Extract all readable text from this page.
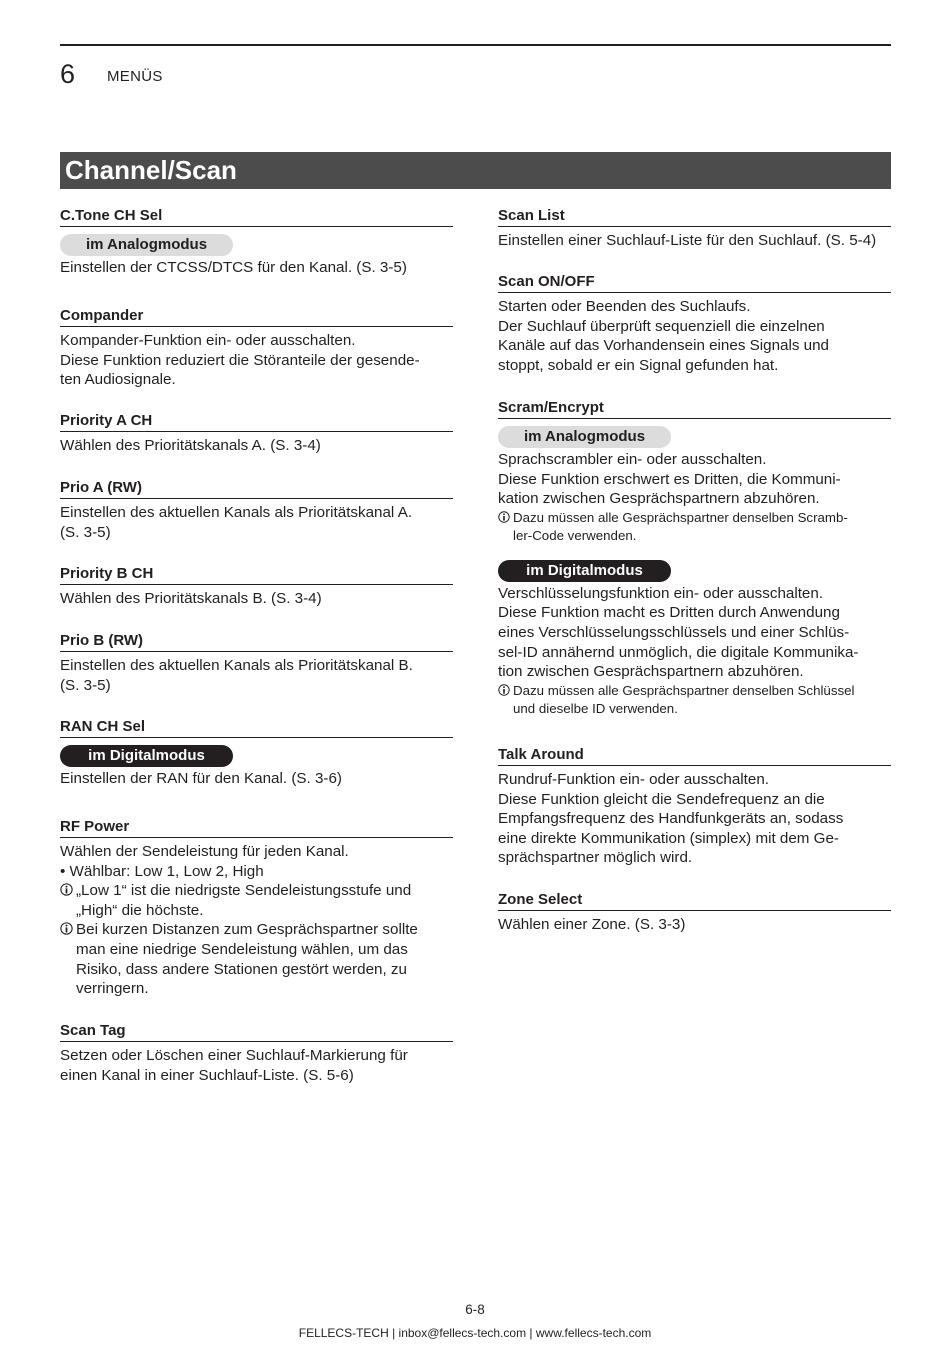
6 MENÜS
Channel/Scan
C.Tone CH Sel
im Analogmodus
Einstellen der CTCSS/DTCS für den Kanal. (S. 3-5)
Compander
Kompander-Funktion ein- oder ausschalten.
Diese Funktion reduziert die Störanteile der gesende-
ten Audiosignale.
Priority A CH
Wählen des Prioritätskanals A. (S. 3-4)
Prio A (RW)
Einstellen des aktuellen Kanals als Prioritätskanal A.
(S. 3-5)
Priority B CH
Wählen des Prioritätskanals B. (S. 3-4)
Prio B (RW)
Einstellen des aktuellen Kanals als Prioritätskanal B.
(S. 3-5)
RAN CH Sel
im Digitalmodus
Einstellen der RAN für den Kanal. (S. 3-6)
RF Power
Wählen der Sendeleistung für jeden Kanal.
• Wählbar: Low 1, Low 2, High
„Low 1“ ist die niedrigste Sendeleistungsstufe und
„High“ die höchste.
Bei kurzen Distanzen zum Gesprächspartner sollte
man eine niedrige Sendeleistung wählen, um das
Risiko, dass andere Stationen gestört werden, zu
verringern.
Scan Tag
Setzen oder Löschen einer Suchlauf-Markierung für
einen Kanal in einer Suchlauf-Liste. (S. 5-6)
Scan List
Einstellen einer Suchlauf-Liste für den Suchlauf. (S. 5-4)
Scan ON/OFF
Starten oder Beenden des Suchlaufs.
Der Suchlauf überprüft sequenziell die einzelnen
Kanäle auf das Vorhandensein eines Signals und
stoppt, sobald er ein Signal gefunden hat.
Scram/Encrypt
im Analogmodus
Sprachscrambler ein- oder ausschalten.
Diese Funktion erschwert es Dritten, die Kommuni-
kation zwischen Gesprächspartnern abzuhören.
Dazu müssen alle Gesprächspartner denselben Scramb-
ler-Code verwenden.
im Digitalmodus
Verschlüsselungsfunktion ein- oder ausschalten.
Diese Funktion macht es Dritten durch Anwendung
eines Verschlüsselungsschlüssels und einer Schlüs-
sel-ID annähernd unmöglich, die digitale Kommunika-
tion zwischen Gesprächspartnern abzuhören.
Dazu müssen alle Gesprächspartner denselben Schlüssel
und dieselbe ID verwenden.
Talk Around
Rundruf-Funktion ein- oder ausschalten.
Diese Funktion gleicht die Sendefrequenz an die
Empfangsfrequenz des Handfunkgeräts an, sodass
eine direkte Kommunikation (simplex) mit dem Ge-
sprächspartner möglich wird.
Zone Select
Wählen einer Zone. (S. 3-3)
6-8
FELLECS-TECH | inbox@fellecs-tech.com | www.fellecs-tech.com
